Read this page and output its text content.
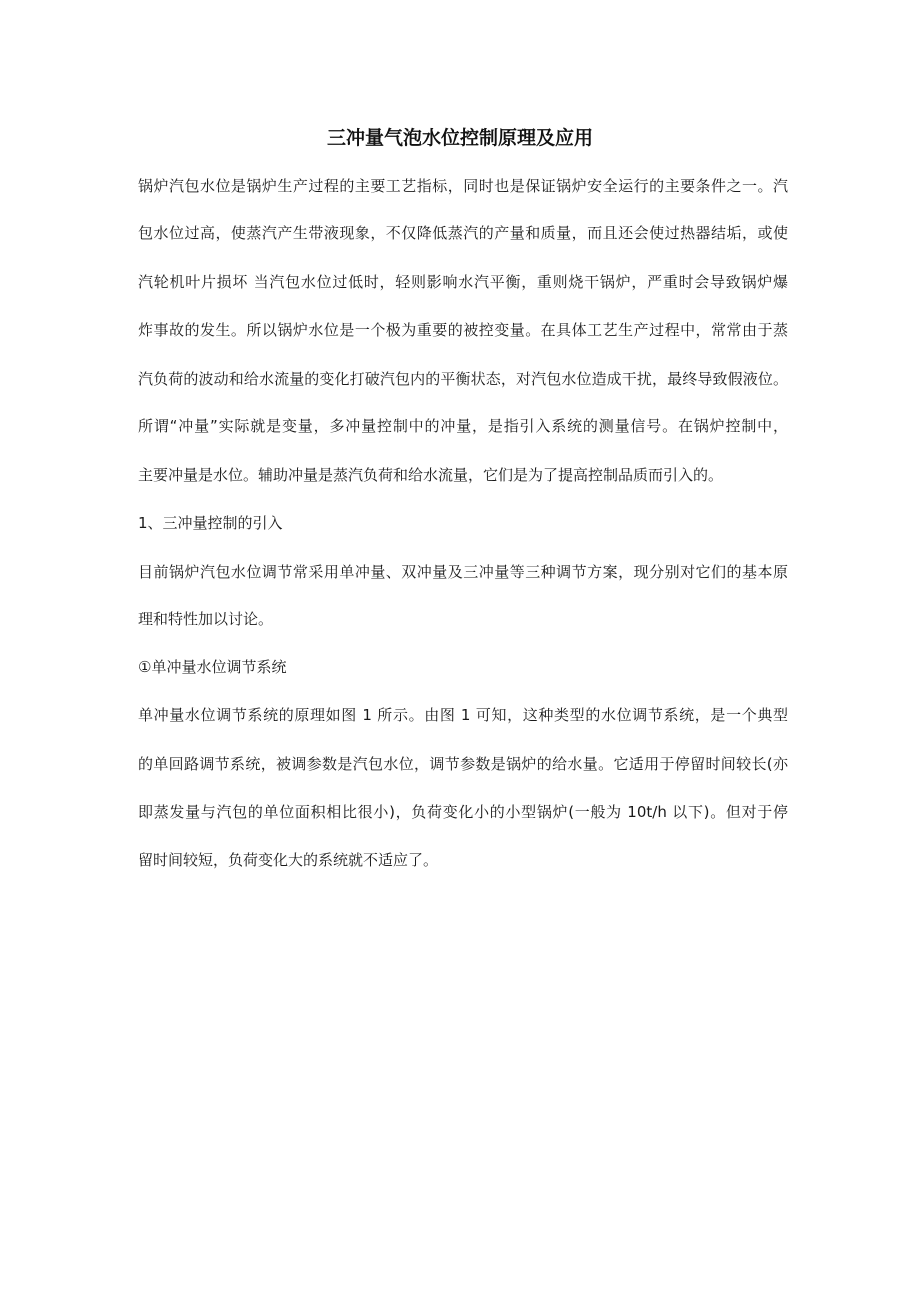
三冲量气泡水位控制原理及应用

锅炉汽包水位是锅炉生产过程的主要工艺指标，同时也是保证锅炉安全运行的主要条件之一。汽

包水位过高，使蒸汽产生带液现象，不仅降低蒸汽的产量和质量，而且还会使过热器结垢，或使

汽轮机叶片损坏 当汽包水位过低时，轻则影响水汽平衡，重则烧干锅炉，严重时会导致锅炉爆

炸事故的发生。所以锅炉水位是一个极为重要的被控变量。在具体工艺生产过程中，常常由于蒸

汽负荷的波动和给水流量的变化打破汽包内的平衡状态，对汽包水位造成干扰，最终导致假液位。

所谓“冲量”实际就是变量，多冲量控制中的冲量，是指引入系统的测量信号。在锅炉控制中，

主要冲量是水位。辅助冲量是蒸汽负荷和给水流量，它们是为了提高控制品质而引入的。

1、三冲量控制的引入

目前锅炉汽包水位调节常采用单冲量、双冲量及三冲量等三种调节方案，现分别对它们的基本原

理和特性加以讨论。

①单冲量水位调节系统

单冲量水位调节系统的原理如图 1 所示。由图 1 可知，这种类型的水位调节系统，是一个典型

的单回路调节系统，被调参数是汽包水位，调节参数是锅炉的给水量。它适用于停留时间较长(亦

即蒸发量与汽包的单位面积相比很小)，负荷变化小的小型锅炉(一般为 10t/h 以下)。但对于停

留时间较短，负荷变化大的系统就不适应了。
